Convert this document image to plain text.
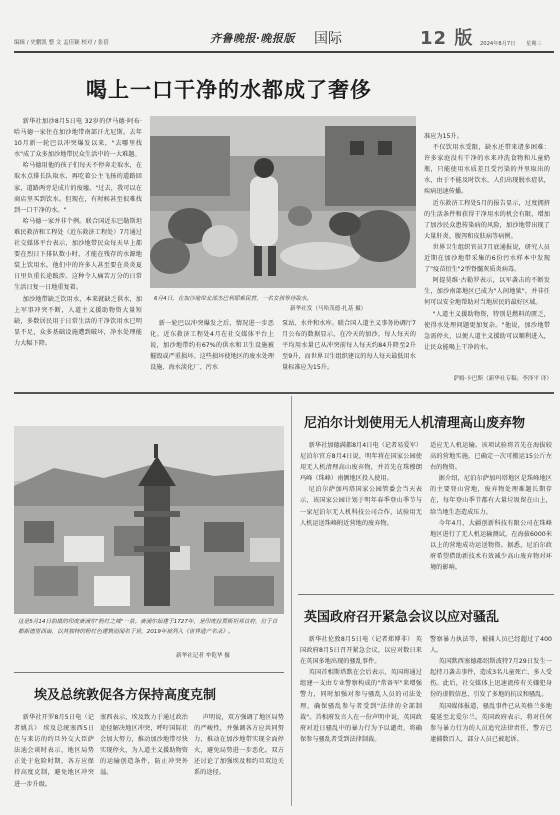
编辑 / 史鹏凯 整 文 孟佳颖 校对 / 张蓓	齐鲁晚报·晚报版 国际	12 版 2024年8月7日 星期三
喝上一口干净的水都成了奢侈

新华社加沙8月5日电 32岁的伊马德·阿布·哈马德一家住在加沙地带南部汗尤尼斯。去年10月新一轮巴以冲突爆发以来，"去哪里找水"成了众多加沙地带民众生活中的一大难题。

哈马德用他的孩子们每天不停奔走取水，在取水点排长队取水，再吃着公主飞扬的道路回家，道路两旁是成片的废墟。"过去，我可以在商店里买到饮水。但现在，有时候甚至很难找到一口干净的水。"

哈马德一家并非个例。联合国近东巴勒斯坦难民救济和工程处（近东救济工程处）7月通过社交媒体平台表示，加沙地带民众每天早上都要在烈日下排队数小时，才能在残存的水源地装上饮用水，他们中的许多人甚至要在炎炎夏日里负重长途跋涉。这种令人痛苦万分的日常生活日复一日地重复着。

加沙地带缺乏饮用水，本来就缺乏供水，加上军事冲突不断，人道主义援助物资大量短缺，多数居民用于日常生活的干净饮用水已明显不足，众多基础设施遭到破坏，净水处理能力大幅下降。

6月4日，在加沙地带北部杰巴利耶难民营，一名女孩等待取水。
新华社发（马哈茂德·扎基 摄）

准应为15升。

不仅饮用水受限，缺水还带来诸多困难：许多家庭没有干净的水来冲洗食物和儿童奶瓶，只能使用水质差且受污染的井里取出的水，由于不能及时饮水，人们出现脱水症状，疾病迅速传播。

近东救济工程处5月的报告显示，过度拥挤的生活条件和获得干净用水的机会有限，增加了加沙民众患传染病的风险，加沙地带出现了大量肝炎、腹泻和皮肤病等病例。

世界卫生组织官员7月底通报说，研究人员近期在加沙地带采集的6份污水样本中发现了"疫苗衍生"2型脊髓灰质炎病毒。

阿提莫维·古勒罗表示，以军袭击的不断发生，加沙南部地区已成为"人间地狱"，并非任何可以安全地帮助对当地居民的最好区域。

"人道主义援助物资，特别是燃料的匮乏，使得水处理问题更加复杂。"他说，加沙地带急需停火，以便人道主义援助可以顺利进入，让民众能喝上干净的水。

萨姆·卡巴斯（新华社专稿；李泽平 译）

新一轮巴以冲突爆发之后，情况进一步恶化。近东救济工程处4月在社交媒体平台上说，加沙地带约有67%的供水和卫生设施被摧毁或严重损坏。这些损坏使地区的废水处理设施、海水淡化厂、污水

泵站、水井和水库。联合国人道主义事务协调厅7月公布的数据显示，在冷天的加沙，每人每天的平均用水量已从冲突前每人每天约84升降至2升至9升，而世界卫生组织建议的每人每天最低用水量标准应为15升。

这是5月14日拍摄的印度斋浦尔"粉红之城"一景。斋浦尔始建于1727年，是印度拉贾斯坦邦首府，位于首都新德里西南，以其独特的粉红色建筑而闻名于世，2019年被列入《世界遗产名录》。
新华社记者 牟乾华 摄
尼泊尔计划使用无人机清理高山废弃物

新华社加德满都8月4日电（记者易爱军） 尼泊尔官方8月4日说，明年将在国家公园使用无人机清理高山废弃物，并首先在珠穆朗玛峰（珠峰）南侧地区投入使用。

尼泊尔萨加玛塔国家公园管委会当天表示，该国家公园计划于明年春季登山季节与一家尼泊尔无人机科技公司合作，试验用无人机运送珠峰附近营地的废弃物。

适应无人机运输。该项试验将首先在海拔较高的营地实施，已确定一次可搬运15公斤左右的物资。

据介绍，尼泊尔萨加玛塔地区是珠峰地区的主要登山营地，废弃物处理难题长期存在，每年登山季节都有大量垃圾留在山上，给当地生态造成压力。

今年4月，大疆创新科技有限公司在珠峰地区进行了无人机运输测试，在海拔6000米以上的营地成功运送物资。据悉，尼泊尔政府希望借助新技术有效减少高山废弃物对环境的影响。

英国政府召开紧急会议以应对骚乱

新华社伦敦8月5日电（记者郑博非） 英国政府8月5日召开紧急会议，以应对数日来在英国多地出现的骚乱事件。

英国首相斯塔默在会后表示，英国将通过组建一支由专业警察构成的"常备军"来增强警力，同时加强对参与骚乱人员的司法处理，确保骚乱参与者受到"法律的全部制裁"。首相府发言人在一份声明中说，英国政府对近日骚乱中的暴力行为予以谴责，将确保参与骚乱者受到法律制裁。

警察暴力执法等，被捕人员已经超过了400人。

英国默西塞德郡绍斯波特7月29日发生一起持刀袭击事件，造成3名儿童死亡、多人受伤。此后，社交媒体上迅速流传有关嫌犯身份的虚假信息，引发了多地的抗议和骚乱。

英国媒体报道，骚乱事件已从英格兰多地蔓延至北爱尔兰。英国政府表示，将对任何参与暴力行为的人员追究法律责任，警方已逮捕数百人，部分人员已被起诉。

埃及总统敦促各方保持高度克制

新华社开罗8月5日电（记者姚兵） 埃及总统塞西5日在与来访的约旦外交大臣萨法迪会谈时表示，地区局势正处于危险时期，各方应保持高度克制，避免地区冲突进一步升级。

塞西表示，埃及致力于通过政治途径解决地区冲突，呼吁国际社会加大努力，推动加沙地带尽快实现停火，为人道主义援助物资的运输创造条件，防止冲突外溢。

声明说，双方强调了地区局势的严峻性，并强调各方应共同努力，推动在加沙地带实现全面停火，避免局势进一步恶化。双方还讨论了加强埃及和约旦双边关系的途径。
